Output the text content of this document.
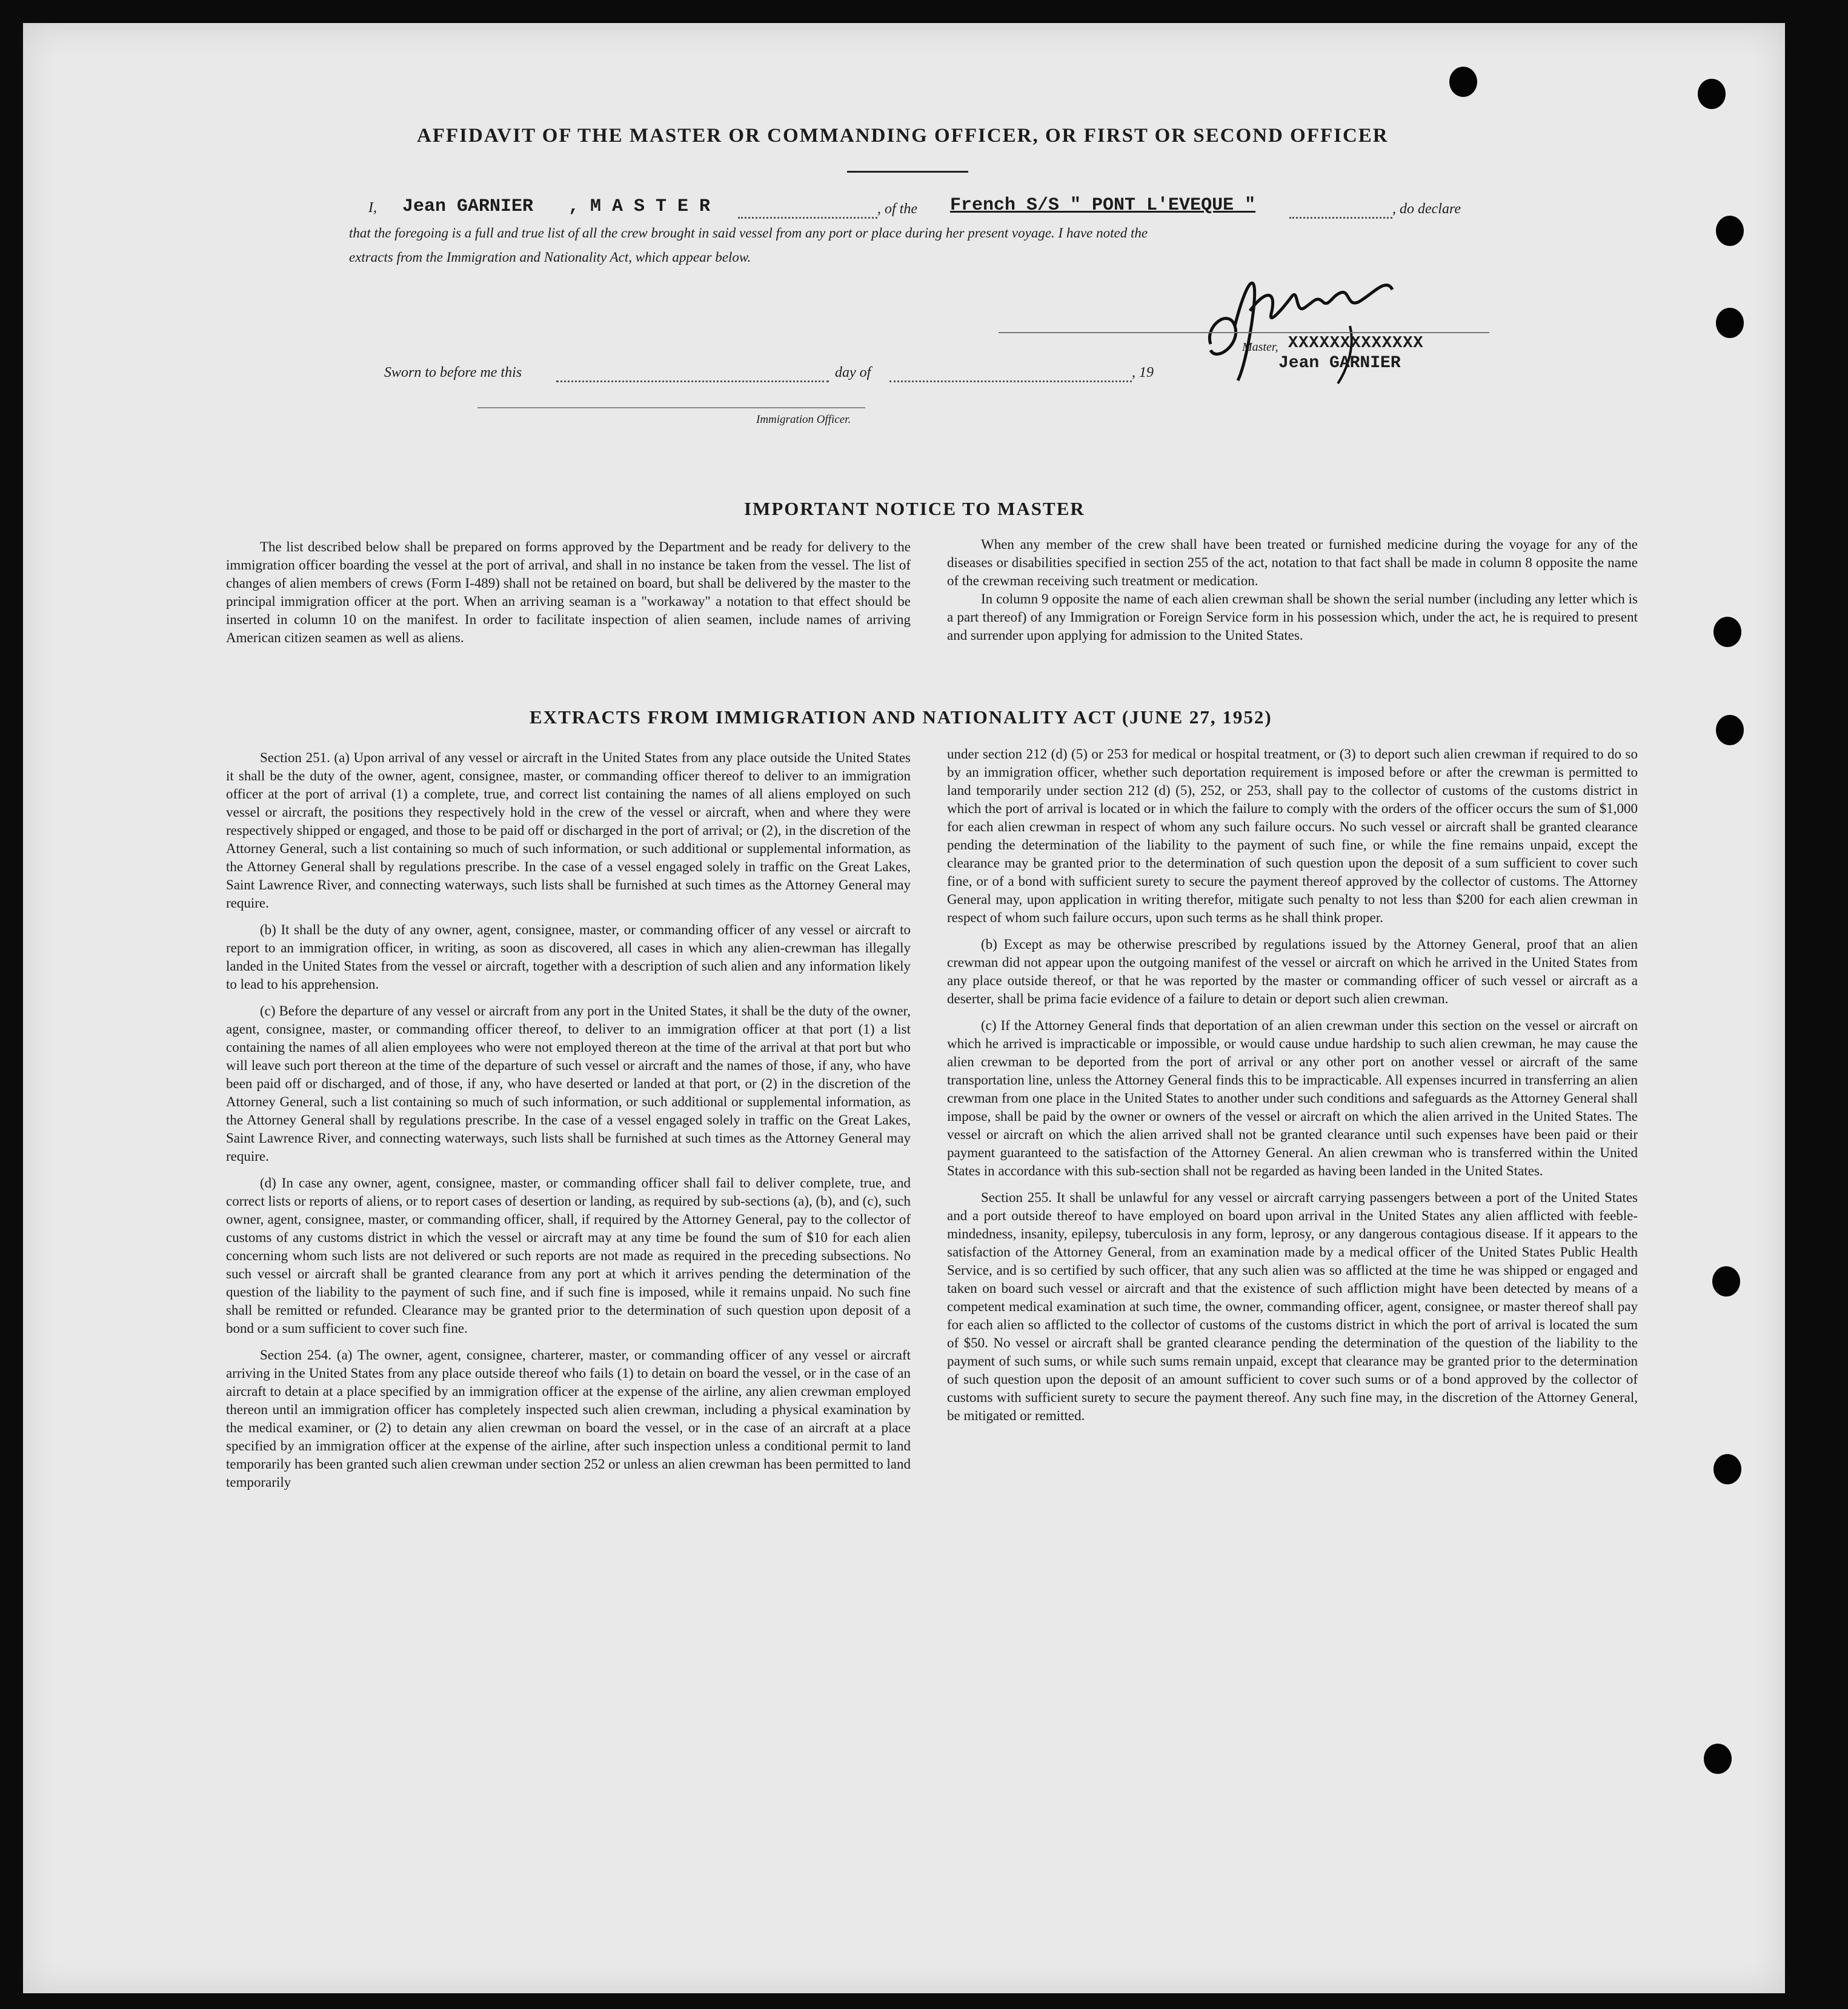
AFFIDAVIT OF THE MASTER OR COMMANDING OFFICER, OR FIRST OR SECOND OFFICER
I, Jean GARNIER , M A S T E R	, of the French S/S " PONT L'EVEQUE "	, do declare
that the foregoing is a full and true list of all the crew brought in said vessel from any port or place during her present voyage. I have noted the
extracts from the Immigration and Nationality Act, which appear below.
Master, XXXXXXXXXXXXX
Jean GARNIER
Sworn to before me this	day of	, 19
Immigration Officer.
IMPORTANT NOTICE TO MASTER

The list described below shall be prepared on forms approved by the Department and be ready for delivery to the immigration officer boarding the vessel at the port of arrival, and shall in no instance be taken from the vessel. The list of changes of alien members of crews (Form I-489) shall not be retained on board, but shall be delivered by the master to the principal immigration officer at the port. When an arriving seaman is a "workaway" a notation to that effect should be inserted in column 10 on the manifest. In order to facilitate inspection of alien seamen, include names of arriving American citizen seamen as well as aliens.

When any member of the crew shall have been treated or furnished medicine during the voyage for any of the diseases or disabilities specified in section 255 of the act, notation to that fact shall be made in column 8 opposite the name of the crewman receiving such treatment or medication.

In column 9 opposite the name of each alien crewman shall be shown the serial number (including any letter which is a part thereof) of any Immigration or Foreign Service form in his possession which, under the act, he is required to present and surrender upon applying for admission to the United States.

EXTRACTS FROM IMMIGRATION AND NATIONALITY ACT (JUNE 27, 1952)

Section 251. (a) Upon arrival of any vessel or aircraft in the United States from any place outside the United States it shall be the duty of the owner, agent, consignee, master, or commanding officer thereof to deliver to an immigration officer at the port of arrival (1) a complete, true, and correct list containing the names of all aliens employed on such vessel or aircraft, the positions they respectively hold in the crew of the vessel or aircraft, when and where they were respectively shipped or engaged, and those to be paid off or discharged in the port of arrival; or (2), in the discretion of the Attorney General, such a list containing so much of such information, or such additional or supplemental information, as the Attorney General shall by regulations prescribe. In the case of a vessel engaged solely in traffic on the Great Lakes, Saint Lawrence River, and connecting waterways, such lists shall be furnished at such times as the Attorney General may require.

(b) It shall be the duty of any owner, agent, consignee, master, or commanding officer of any vessel or aircraft to report to an immigration officer, in writing, as soon as discovered, all cases in which any alien-crewman has illegally landed in the United States from the vessel or aircraft, together with a description of such alien and any information likely to lead to his apprehension.

(c) Before the departure of any vessel or aircraft from any port in the United States, it shall be the duty of the owner, agent, consignee, master, or commanding officer thereof, to deliver to an immigration officer at that port (1) a list containing the names of all alien employees who were not employed thereon at the time of the arrival at that port but who will leave such port thereon at the time of the departure of such vessel or aircraft and the names of those, if any, who have been paid off or discharged, and of those, if any, who have deserted or landed at that port, or (2) in the discretion of the Attorney General, such a list containing so much of such information, or such additional or supplemental information, as the Attorney General shall by regulations prescribe. In the case of a vessel engaged solely in traffic on the Great Lakes, Saint Lawrence River, and connecting waterways, such lists shall be furnished at such times as the Attorney General may require.

(d) In case any owner, agent, consignee, master, or commanding officer shall fail to deliver complete, true, and correct lists or reports of aliens, or to report cases of desertion or landing, as required by sub-sections (a), (b), and (c), such owner, agent, consignee, master, or commanding officer, shall, if required by the Attorney General, pay to the collector of customs of any customs district in which the vessel or aircraft may at any time be found the sum of $10 for each alien concerning whom such lists are not delivered or such reports are not made as required in the preceding subsections. No such vessel or aircraft shall be granted clearance from any port at which it arrives pending the determination of the question of the liability to the payment of such fine, and if such fine is imposed, while it remains unpaid. No such fine shall be remitted or refunded. Clearance may be granted prior to the determination of such question upon deposit of a bond or a sum sufficient to cover such fine.

Section 254. (a) The owner, agent, consignee, charterer, master, or commanding officer of any vessel or aircraft arriving in the United States from any place outside thereof who fails (1) to detain on board the vessel, or in the case of an aircraft to detain at a place specified by an immigration officer at the expense of the airline, any alien crewman employed thereon until an immigration officer has completely inspected such alien crewman, including a physical examination by the medical examiner, or (2) to detain any alien crewman on board the vessel, or in the case of an aircraft at a place specified by an immigration officer at the expense of the airline, after such inspection unless a conditional permit to land temporarily has been granted such alien crewman under section 252 or unless an alien crewman has been permitted to land temporarily

under section 212 (d) (5) or 253 for medical or hospital treatment, or (3) to deport such alien crewman if required to do so by an immigration officer, whether such deportation requirement is imposed before or after the crewman is permitted to land temporarily under section 212 (d) (5), 252, or 253, shall pay to the collector of customs of the customs district in which the port of arrival is located or in which the failure to comply with the orders of the officer occurs the sum of $1,000 for each alien crewman in respect of whom any such failure occurs. No such vessel or aircraft shall be granted clearance pending the determination of the liability to the payment of such fine, or while the fine remains unpaid, except the clearance may be granted prior to the determination of such question upon the deposit of a sum sufficient to cover such fine, or of a bond with sufficient surety to secure the payment thereof approved by the collector of customs. The Attorney General may, upon application in writing therefor, mitigate such penalty to not less than $200 for each alien crewman in respect of whom such failure occurs, upon such terms as he shall think proper.

(b) Except as may be otherwise prescribed by regulations issued by the Attorney General, proof that an alien crewman did not appear upon the outgoing manifest of the vessel or aircraft on which he arrived in the United States from any place outside thereof, or that he was reported by the master or commanding officer of such vessel or aircraft as a deserter, shall be prima facie evidence of a failure to detain or deport such alien crewman.

(c) If the Attorney General finds that deportation of an alien crewman under this section on the vessel or aircraft on which he arrived is impracticable or impossible, or would cause undue hardship to such alien crewman, he may cause the alien crewman to be deported from the port of arrival or any other port on another vessel or aircraft of the same transportation line, unless the Attorney General finds this to be impracticable. All expenses incurred in transferring an alien crewman from one place in the United States to another under such conditions and safeguards as the Attorney General shall impose, shall be paid by the owner or owners of the vessel or aircraft on which the alien arrived in the United States. The vessel or aircraft on which the alien arrived shall not be granted clearance until such expenses have been paid or their payment guaranteed to the satisfaction of the Attorney General. An alien crewman who is transferred within the United States in accordance with this sub-section shall not be regarded as having been landed in the United States.

Section 255. It shall be unlawful for any vessel or aircraft carrying passengers between a port of the United States and a port outside thereof to have employed on board upon arrival in the United States any alien afflicted with feeble-mindedness, insanity, epilepsy, tuberculosis in any form, leprosy, or any dangerous contagious disease. If it appears to the satisfaction of the Attorney General, from an examination made by a medical officer of the United States Public Health Service, and is so certified by such officer, that any such alien was so afflicted at the time he was shipped or engaged and taken on board such vessel or aircraft and that the existence of such affliction might have been detected by means of a competent medical examination at such time, the owner, commanding officer, agent, consignee, or master thereof shall pay for each alien so afflicted to the collector of customs of the customs district in which the port of arrival is located the sum of $50. No vessel or aircraft shall be granted clearance pending the determination of the question of the liability to the payment of such sums, or while such sums remain unpaid, except that clearance may be granted prior to the determination of such question upon the deposit of an amount sufficient to cover such sums or of a bond approved by the collector of customs with sufficient surety to secure the payment thereof. Any such fine may, in the discretion of the Attorney General, be mitigated or remitted.
